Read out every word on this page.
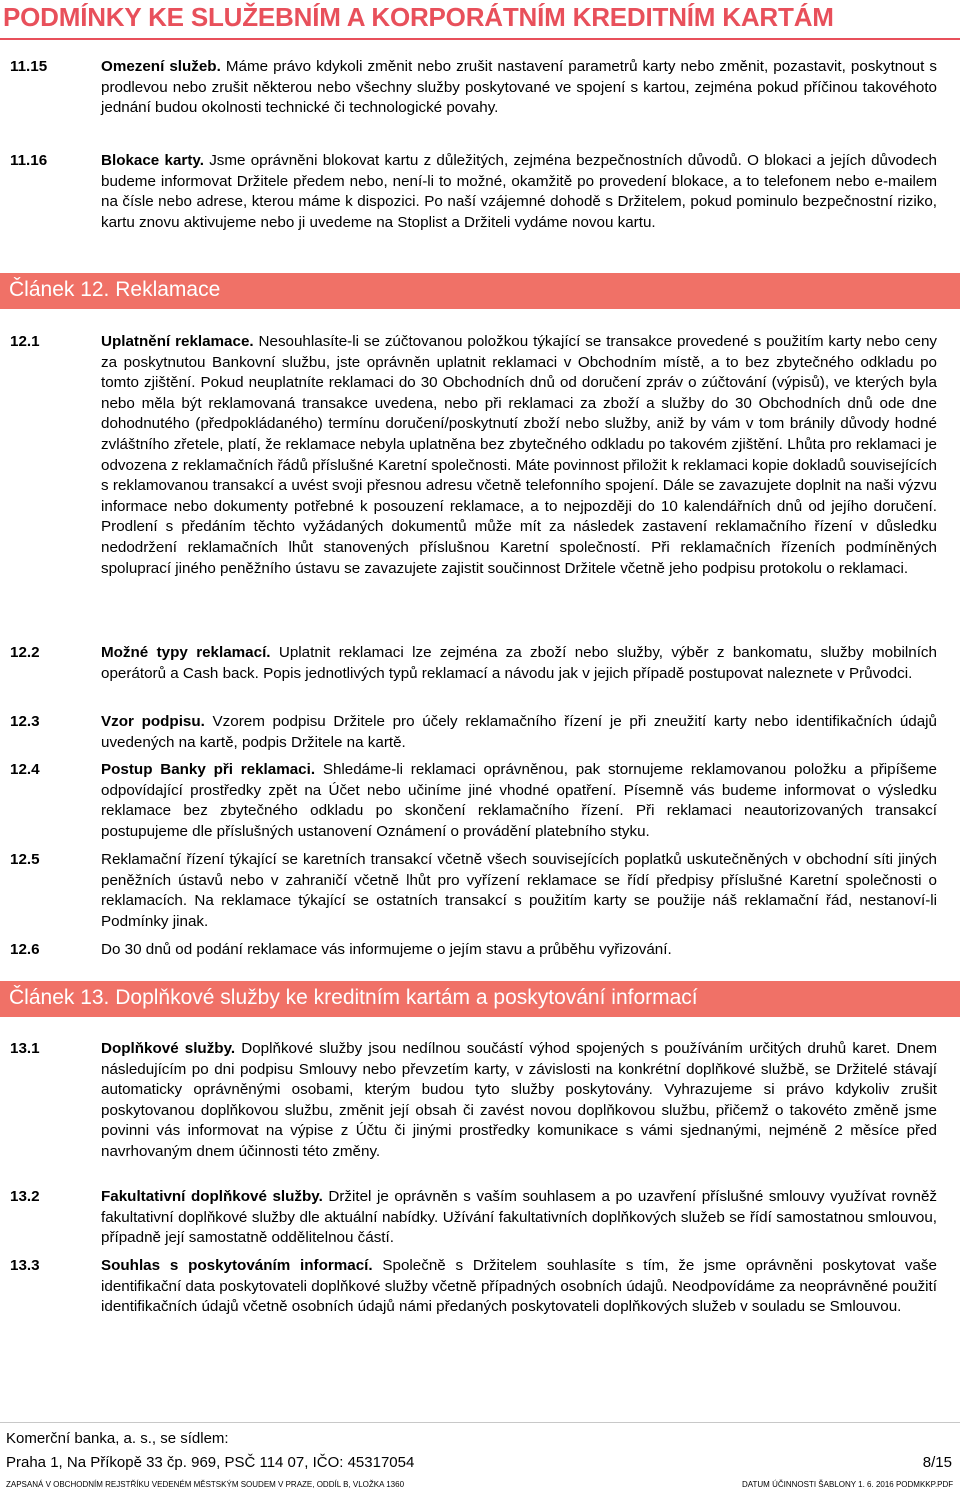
PODMÍNKY KE SLUŽEBNÍM A KORPORÁTNÍM KREDITNÍM KARTÁM
11.15	Omezení služeb. Máme právo kdykoli změnit nebo zrušit nastavení parametrů karty nebo změnit, pozastavit, poskytnout s prodlevou nebo zrušit některou nebo všechny služby poskytované ve spojení s kartou, zejména pokud příčinou takovéhoto jednání budou okolnosti technické či technologické povahy.
11.16	Blokace karty. Jsme oprávněni blokovat kartu z důležitých, zejména bezpečnostních důvodů. O blokaci a jejích důvodech budeme informovat Držitele předem nebo, není-li to možné, okamžitě po provedení blokace, a to telefonem nebo e-mailem na čísle nebo adrese, kterou máme k dispozici. Po naší vzájemné dohodě s Držitelem, pokud pominulo bezpečnostní riziko, kartu znovu aktivujeme nebo ji uvedeme na Stoplist a Držiteli vydáme novou kartu.
Článek 12. Reklamace
12.1	Uplatnění reklamace. Nesouhlasíte-li se zúčtovanou položkou týkající se transakce provedené s použitím karty nebo ceny za poskytnutou Bankovní službu, jste oprávněn uplatnit reklamaci v Obchodním místě, a to bez zbytečného odkladu po tomto zjištění. Pokud neuplatníte reklamaci do 30 Obchodních dnů od doručení zpráv o zúčtování (výpisů), ve kterých byla nebo měla být reklamovaná transakce uvedena, nebo při reklamaci za zboží a služby do 30 Obchodních dnů ode dne dohodnutého (předpokládaného) termínu doručení/poskytnutí zboží nebo služby, aniž by vám v tom bránily důvody hodné zvláštního zřetele, platí, že reklamace nebyla uplatněna bez zbytečného odkladu po takovém zjištění. Lhůta pro reklamaci je odvozena z reklamačních řádů příslušné Karetní společnosti. Máte povinnost přiložit k reklamaci kopie dokladů souvisejících s reklamovanou transakcí a uvést svoji přesnou adresu včetně telefonního spojení. Dále se zavazujete doplnit na naši výzvu informace nebo dokumenty potřebné k posouzení reklamace, a to nejpozději do 10 kalendářních dnů od jejího doručení. Prodlení s předáním těchto vyžádaných dokumentů může mít za následek zastavení reklamačního řízení v důsledku nedodržení reklamačních lhůt stanovených příslušnou Karetní společností. Při reklamačních řízeních podmíněných spoluprací jiného peněžního ústavu se zavazujete zajistit součinnost Držitele včetně jeho podpisu protokolu o reklamaci.
12.2	Možné typy reklamací. Uplatnit reklamaci lze zejména za zboží nebo služby, výběr z bankomatu, služby mobilních operátorů a Cash back. Popis jednotlivých typů reklamací a návodu jak v jejich případě postupovat naleznete v Průvodci.
12.3	Vzor podpisu. Vzorem podpisu Držitele pro účely reklamačního řízení je při zneužití karty nebo identifikačních údajů uvedených na kartě, podpis Držitele na kartě.
12.4	Postup Banky při reklamaci. Shledáme-li reklamaci oprávněnou, pak stornujeme reklamovanou položku a připíšeme odpovídající prostředky zpět na Účet nebo učiníme jiné vhodné opatření. Písemně vás budeme informovat o výsledku reklamace bez zbytečného odkladu po skončení reklamačního řízení. Při reklamaci neautorizovaných transakcí postupujeme dle příslušných ustanovení Oznámení o provádění platebního styku.
12.5	Reklamační řízení týkající se karetních transakcí včetně všech souvisejících poplatků uskutečněných v obchodní síti jiných peněžních ústavů nebo v zahraničí včetně lhůt pro vyřízení reklamace se řídí předpisy příslušné Karetní společnosti o reklamacích. Na reklamace týkající se ostatních transakcí s použitím karty se použije náš reklamační řád, nestanoví-li Podmínky jinak.
12.6	Do 30 dnů od podání reklamace vás informujeme o jejím stavu a průběhu vyřizování.
Článek 13. Doplňkové služby ke kreditním kartám a poskytování informací
13.1	Doplňkové služby. Doplňkové služby jsou nedílnou součástí výhod spojených s používáním určitých druhů karet. Dnem následujícím po dni podpisu Smlouvy nebo převzetím karty, v závislosti na konkrétní doplňkové službě, se Držitelé stávají automaticky oprávněnými osobami, kterým budou tyto služby poskytovány. Vyhrazujeme si právo kdykoliv zrušit poskytovanou doplňkovou službu, změnit její obsah či zavést novou doplňkovou službu, přičemž o takovéto změně jsme povinni vás informovat na výpise z Účtu či jinými prostředky komunikace s vámi sjednanými, nejméně 2 měsíce před navrhovaným dnem účinnosti této změny.
13.2	Fakultativní doplňkové služby. Držitel je oprávněn s vaším souhlasem a po uzavření příslušné smlouvy využívat rovněž fakultativní doplňkové služby dle aktuální nabídky. Užívání fakultativních doplňkových služeb se řídí samostatnou smlouvou, případně její samostatně oddělitelnou částí.
13.3	Souhlas s poskytováním informací. Společně s Držitelem souhlasíte s tím, že jsme oprávněni poskytovat vaše identifikační data poskytovateli doplňkové služby včetně případných osobních údajů. Neodpovídáme za neoprávněné použití identifikačních údajů včetně osobních údajů námi předaných poskytovateli doplňkových služeb v souladu se Smlouvou.
Komerční banka, a. s., se sídlem:
Praha 1, Na Příkopě 33 čp. 969, PSČ 114 07, IČO: 45317054	8/15
ZAPSANÁ V OBCHODNÍM REJSTŘÍKU VEDENÉM MĚSTSKÝM SOUDEM V PRAZE, ODDÍL B, VLOŽKA 1360	DATUM ÚČINNOSTI ŠABLONY 1. 6. 2016 PODMKKP.PDF
